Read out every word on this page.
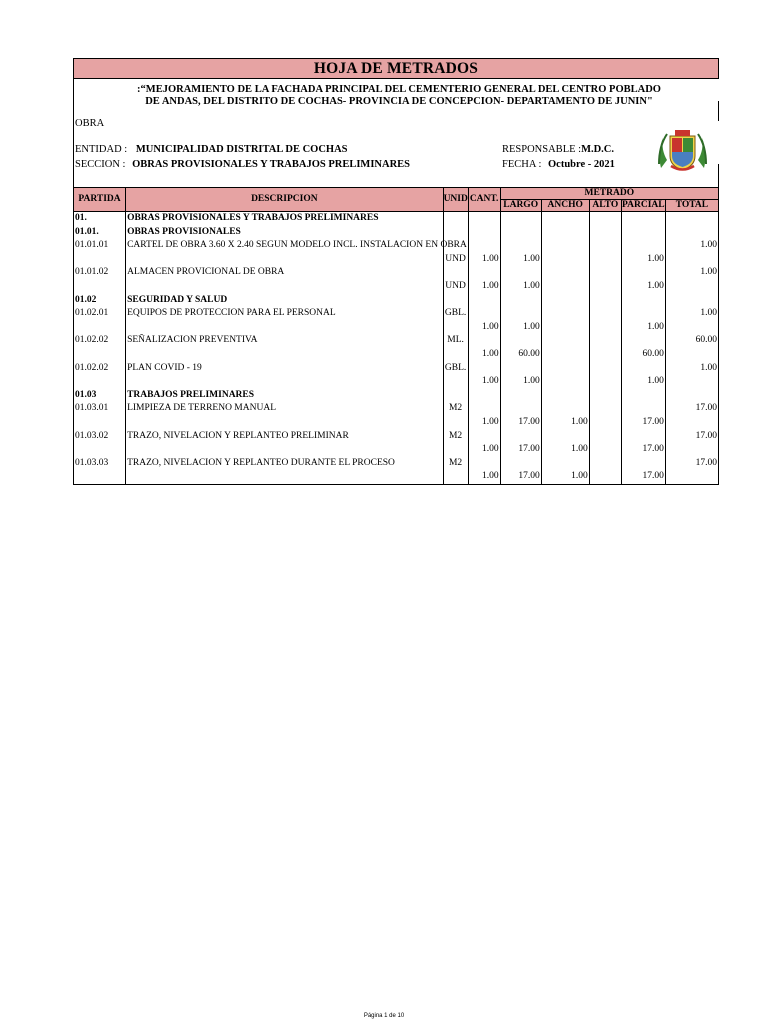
HOJA DE METRADOS
OBRA
:“MEJORAMIENTO DE LA FACHADA PRINCIPAL DEL CEMENTERIO GENERAL DEL CENTRO POBLADO DE ANDAS, DEL DISTRITO DE COCHAS- PROVINCIA DE CONCEPCION- DEPARTAMENTO DE JUNIN"
ENTIDAD : MUNICIPALIDAD DISTRITAL DE COCHAS
SECCION : OBRAS PROVISIONALES Y TRABAJOS PRELIMINARES
RESPONSABLE :M.D.C.
FECHA : Octubre - 2021
PARTIDA	DESCRIPCION	UNID	CANT.	METRADO				
				LARGO	ANCHO	ALTO	PARCIAL	TOTAL
01.	OBRAS PROVISIONALES Y TRABAJOS PRELIMINARES							
01.01.	OBRAS PROVISIONALES							
01.01.01	CARTEL DE OBRA 3.60 X 2.40 SEGUN MODELO INCL. INSTALACION EN OBRA							1.00
		UND	1.00	1.00			1.00	
01.01.02	ALMACEN PROVICIONAL DE OBRA							1.00
		UND	1.00	1.00			1.00	
01.02	SEGURIDAD Y SALUD							
01.02.01	EQUIPOS DE PROTECCION PARA EL PERSONAL	GBL.						1.00
			1.00	1.00			1.00	
01.02.02	SEÑALIZACION PREVENTIVA	ML.						60.00
			1.00	60.00			60.00	
01.02.02	PLAN COVID - 19	GBL.						1.00
			1.00	1.00			1.00	
01.03	TRABAJOS PRELIMINARES							
01.03.01	LIMPIEZA DE TERRENO MANUAL	M2						17.00
			1.00	17.00	1.00		17.00	
01.03.02	TRAZO, NIVELACION Y REPLANTEO PRELIMINAR	M2						17.00
			1.00	17.00	1.00		17.00	
01.03.03	TRAZO, NIVELACION Y REPLANTEO DURANTE EL PROCESO	M2						17.00
			1.00	17.00	1.00		17.00	
Página 1 de 10
